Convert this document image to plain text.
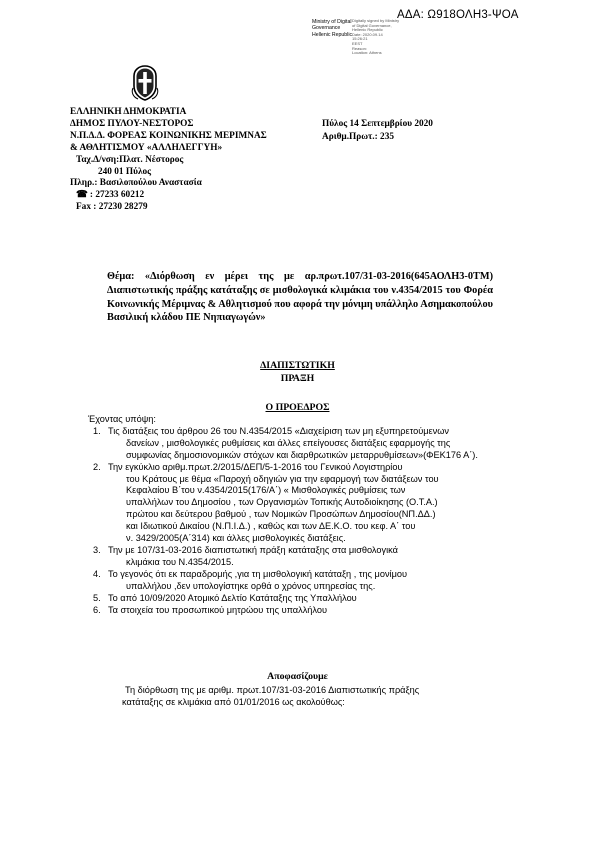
ΑΔΑ: Ω918ΟΛΗ3-ΨΟΑ
Ministry of Digital
Governance
Hellenic Republic
Digitally signed by Ministry
of Digital Governance,
Hellenic Republic
Date: 2020.09.14
15:26:21
EEST
Reason:
Location: Athens
ΕΛΛΗΝΙΚΗ ΔΗΜΟΚΡΑΤΙΑ
ΔΗΜΟΣ ΠΥΛΟΥ-ΝΕΣΤΟΡΟΣ
Ν.Π.Δ.Δ. ΦΟΡΕΑΣ ΚΟΙΝΩΝΙΚΗΣ ΜΕΡΙΜΝΑΣ
& ΑΘΛΗΤΙΣΜΟΥ «ΑΛΛΗΛΕΓΓΥΗ»
Ταχ.Δ/νση:Πλατ. Νέστορος
240 01 Πύλος
Πληρ.: Βασιλοπούλου Αναστασία
☎ : 27233 60212
Fax : 27230 28279
Πύλος 14 Σεπτεμβρίου 2020
Αριθμ.Πρωτ.: 235
Θέμα: «Διόρθωση εν μέρει της με αρ.πρωτ.107/31-03-2016(645ΑΟΛΗ3-0ΤΜ) Διαπιστωτικής πράξης κατάταξης σε μισθολογικά κλιμάκια του ν.4354/2015 του Φορέα Κοινωνικής Μέριμνας & Αθλητισμού που αφορά την μόνιμη υπάλληλο Ασημακοπούλου Βασιλική κλάδου ΠΕ Νηπιαγωγών»
ΔΙΑΠΙΣΤΩΤΙΚΗ
ΠΡΑΞΗ
Ο ΠΡΟΕΔΡΟΣ
Έχοντας υπόψη:
1. Τις διατάξεις του άρθρου 26 του Ν.4354/2015 «Διαχείριση των μη εξυπηρετούμενων
δανείων , μισθολογικές ρυθμίσεις και άλλες επείγουσες διατάξεις εφαρμογής της
συμφωνίας δημοσιονομικών στόχων και διαρθρωτικών μεταρρυθμίσεων»(ΦΕΚ176 Α΄).
2. Την εγκύκλιο αριθμ.πρωτ.2/2015/ΔΕΠ/5-1-2016 του Γενικού Λογιστηρίου
του Κράτους με θέμα «Παροχή οδηγιών για την εφαρμογή των διατάξεων του
Κεφαλαίου Β΄του ν.4354/2015(176/Α΄) « Μισθολογικές ρυθμίσεις των
υπαλλήλων του Δημοσίου , των Οργανισμών Τοπικής Αυτοδιοίκησης (Ο.Τ.Α.)
πρώτου και δεύτερου βαθμού , των Νομικών Προσώπων Δημοσίου(ΝΠ.ΔΔ.)
και Ιδιωτικού Δικαίου (Ν.Π.Ι.Δ.) , καθώς και των ΔΕ.Κ.Ο. του κεφ. Α΄ του
ν. 3429/2005(Α΄314) και άλλες μισθολογικές διατάξεις.
3. Την με 107/31-03-2016 διαπιστωτική πράξη κατάταξης στα μισθολογικά
κλιμάκια του Ν.4354/2015.
4. Το γεγονός ότι εκ παραδρομής ,για τη μισθολογική κατάταξη , της μονίμου
υπαλλήλου ,δεν υπολογίστηκε ορθά ο χρόνος υπηρεσίας της.
5. Το από 10/09/2020 Ατομικό Δελτίο Κατάταξης της Υπαλλήλου
6. Τα στοιχεία του προσωπικού μητρώου της υπαλλήλου
Αποφασίζουμε
Τη διόρθωση της με αριθμ. πρωτ.107/31-03-2016 Διαπιστωτικής πράξης
κατάταξης σε κλιμάκια από 01/01/2016 ως ακολούθως:
